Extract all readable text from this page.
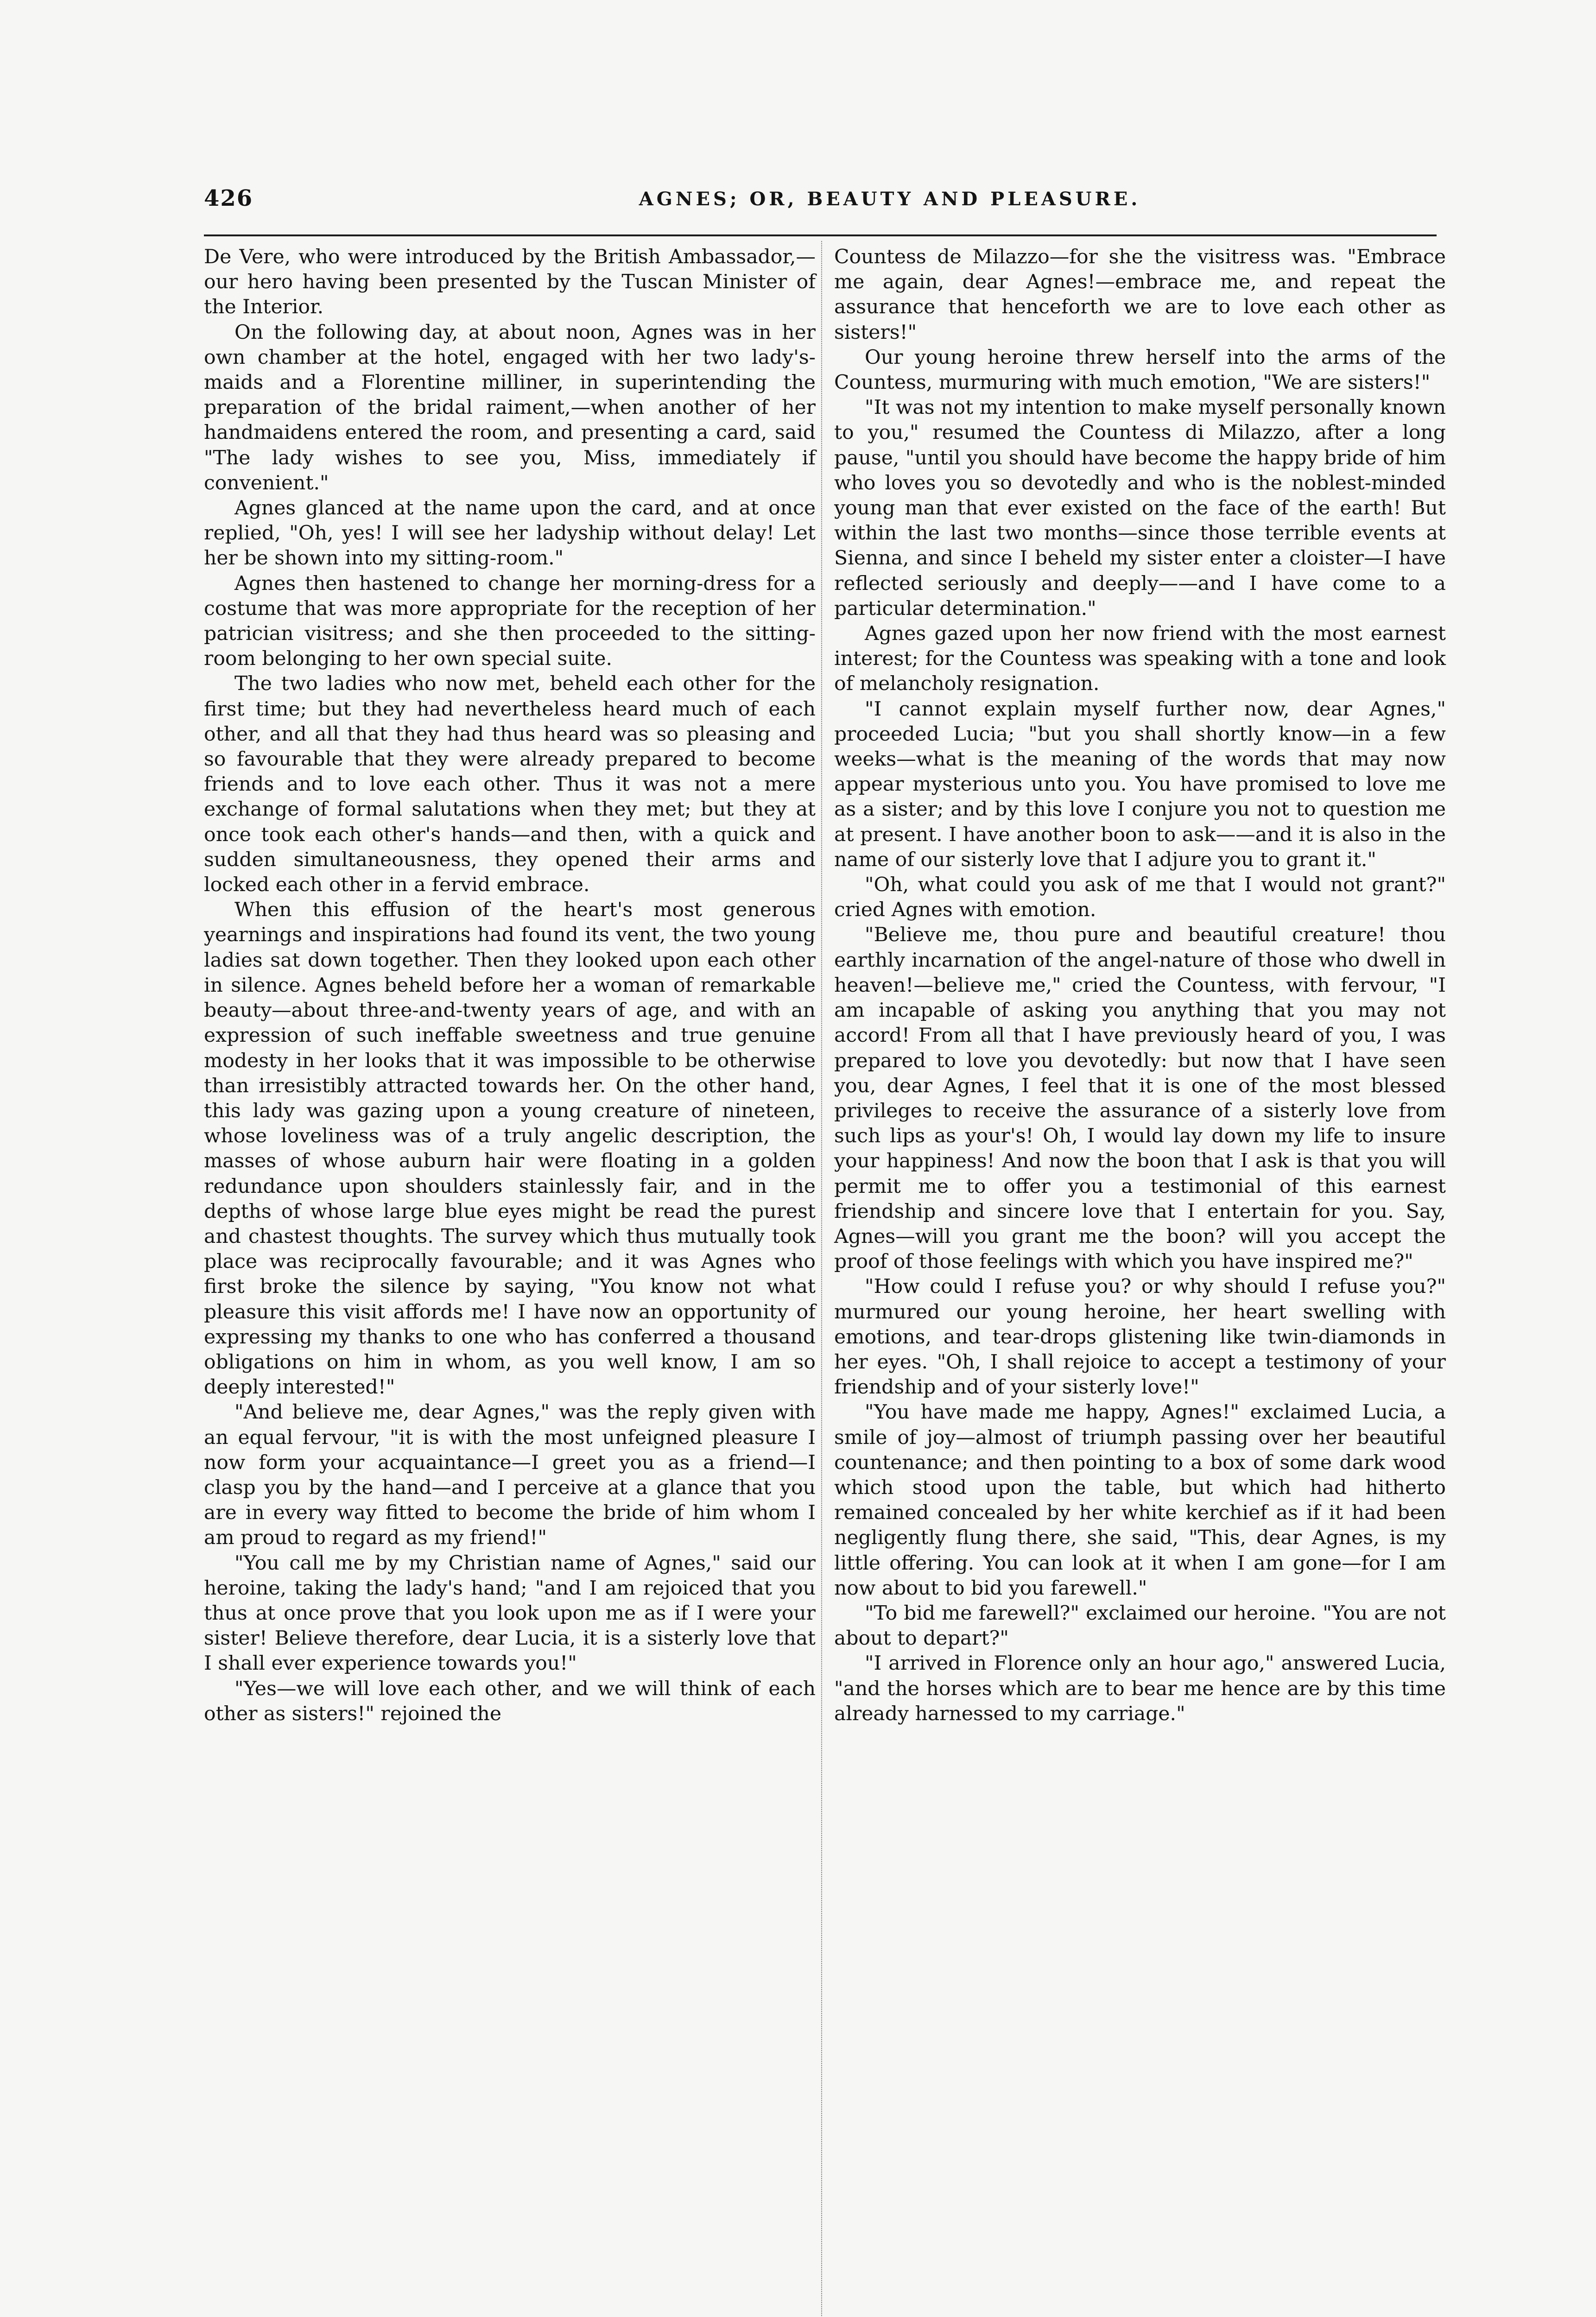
426	AGNES; OR, BEAUTY AND PLEASURE.

De Vere, who were introduced by the British Ambassador,—our hero having been presented by the Tuscan Minister of the Interior.

On the following day, at about noon, Agnes was in her own chamber at the hotel, engaged with her two lady's-maids and a Florentine milliner, in superintending the preparation of the bridal raiment,—when another of her handmaidens entered the room, and presenting a card, said "The lady wishes to see you, Miss, immediately if convenient."

Agnes glanced at the name upon the card, and at once replied, "Oh, yes! I will see her ladyship without delay! Let her be shown into my sitting-room."

Agnes then hastened to change her morning-dress for a costume that was more appropriate for the reception of her patrician visitress; and she then proceeded to the sitting-room belonging to her own special suite.

The two ladies who now met, beheld each other for the first time; but they had nevertheless heard much of each other, and all that they had thus heard was so pleasing and so favourable that they were already prepared to become friends and to love each other. Thus it was not a mere exchange of formal salutations when they met; but they at once took each other's hands—and then, with a quick and sudden simultaneousness, they opened their arms and locked each other in a fervid embrace.

When this effusion of the heart's most generous yearnings and inspirations had found its vent, the two young ladies sat down together. Then they looked upon each other in silence. Agnes beheld before her a woman of remarkable beauty—about three-and-twenty years of age, and with an expression of such ineffable sweetness and true genuine modesty in her looks that it was impossible to be otherwise than irresistibly attracted towards her. On the other hand, this lady was gazing upon a young creature of nineteen, whose loveliness was of a truly angelic description, the masses of whose auburn hair were floating in a golden redundance upon shoulders stainlessly fair, and in the depths of whose large blue eyes might be read the purest and chastest thoughts. The survey which thus mutually took place was reciprocally favourable; and it was Agnes who first broke the silence by saying, "You know not what pleasure this visit affords me! I have now an opportunity of expressing my thanks to one who has conferred a thousand obligations on him in whom, as you well know, I am so deeply interested!"

"And believe me, dear Agnes," was the reply given with an equal fervour, "it is with the most unfeigned pleasure I now form your acquaintance—I greet you as a friend—I clasp you by the hand—and I perceive at a glance that you are in every way fitted to become the bride of him whom I am proud to regard as my friend!"

"You call me by my Christian name of Agnes," said our heroine, taking the lady's hand; "and I am rejoiced that you thus at once prove that you look upon me as if I were your sister! Believe therefore, dear Lucia, it is a sisterly love that I shall ever experience towards you!"

"Yes—we will love each other, and we will think of each other as sisters!" rejoined the

Countess de Milazzo—for she the visitress was. "Embrace me again, dear Agnes!—embrace me, and repeat the assurance that henceforth we are to love each other as sisters!"

Our young heroine threw herself into the arms of the Countess, murmuring with much emotion, "We are sisters!"

"It was not my intention to make myself personally known to you," resumed the Countess di Milazzo, after a long pause, "until you should have become the happy bride of him who loves you so devotedly and who is the noblest-minded young man that ever existed on the face of the earth! But within the last two months—since those terrible events at Sienna, and since I beheld my sister enter a cloister—I have reflected seriously and deeply——and I have come to a particular determination."

Agnes gazed upon her now friend with the most earnest interest; for the Countess was speaking with a tone and look of melancholy resignation.

"I cannot explain myself further now, dear Agnes," proceeded Lucia; "but you shall shortly know—in a few weeks—what is the meaning of the words that may now appear mysterious unto you. You have promised to love me as a sister; and by this love I conjure you not to question me at present. I have another boon to ask——and it is also in the name of our sisterly love that I adjure you to grant it."

"Oh, what could you ask of me that I would not grant?" cried Agnes with emotion.

"Believe me, thou pure and beautiful creature! thou earthly incarnation of the angel-nature of those who dwell in heaven!—believe me," cried the Countess, with fervour, "I am incapable of asking you anything that you may not accord! From all that I have previously heard of you, I was prepared to love you devotedly: but now that I have seen you, dear Agnes, I feel that it is one of the most blessed privileges to receive the assurance of a sisterly love from such lips as your's! Oh, I would lay down my life to insure your happiness! And now the boon that I ask is that you will permit me to offer you a testimonial of this earnest friendship and sincere love that I entertain for you. Say, Agnes—will you grant me the boon? will you accept the proof of those feelings with which you have inspired me?"

"How could I refuse you? or why should I refuse you?" murmured our young heroine, her heart swelling with emotions, and tear-drops glistening like twin-diamonds in her eyes. "Oh, I shall rejoice to accept a testimony of your friendship and of your sisterly love!"

"You have made me happy, Agnes!" exclaimed Lucia, a smile of joy—almost of triumph passing over her beautiful countenance; and then pointing to a box of some dark wood which stood upon the table, but which had hitherto remained concealed by her white kerchief as if it had been negligently flung there, she said, "This, dear Agnes, is my little offering. You can look at it when I am gone—for I am now about to bid you farewell."

"To bid me farewell?" exclaimed our heroine. "You are not about to depart?"

"I arrived in Florence only an hour ago," answered Lucia, "and the horses which are to bear me hence are by this time already harnessed to my carriage."
